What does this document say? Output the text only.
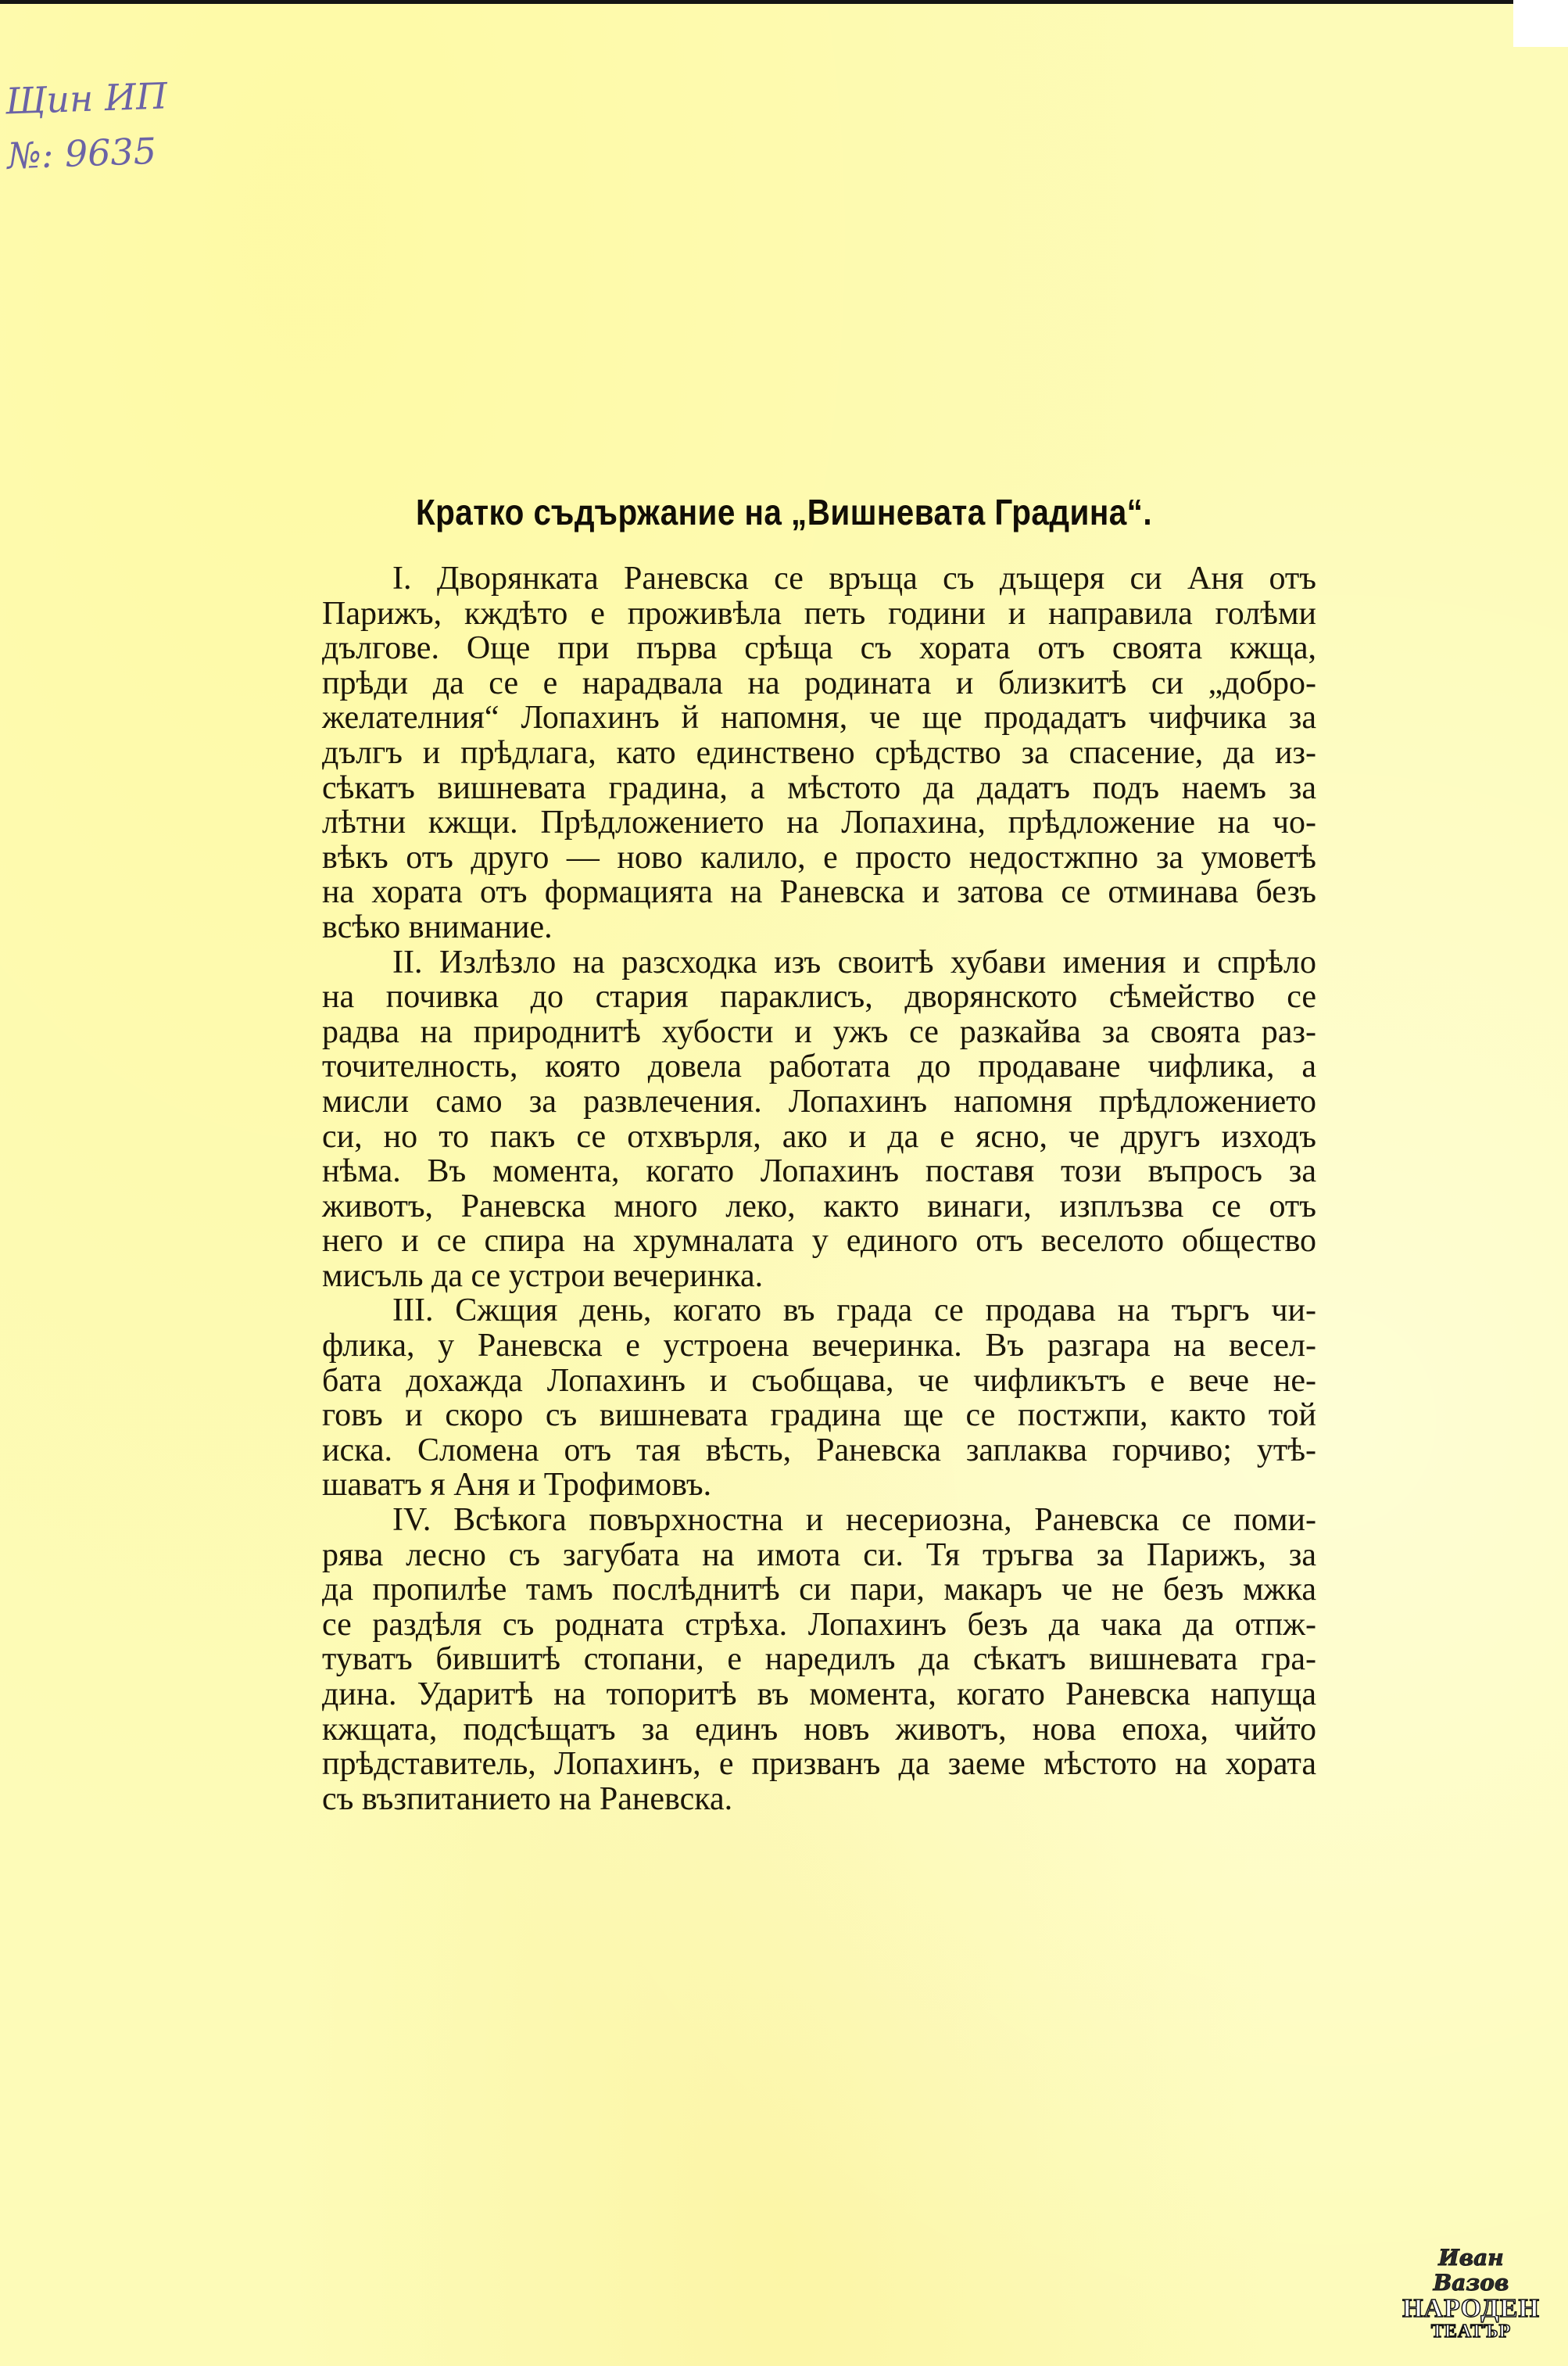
Щин ИП
№: 9635
Кратко съдържание на „Вишневата Градина“.
I. Дворянката Раневска се връща съ дъщеря си Аня отъ
Парижъ, кждѣто е проживѣла петь години и направила голѣми
дългове. Още при първа срѣща съ хората отъ своята кжща,
прѣди да се е нарадвала на родината и близкитѣ си „добро-
желателния“ Лопахинъ й напомня, че ще продадатъ чифчика за
дългъ и прѣдлага, като единствено срѣдство за спасение, да из-
сѣкатъ вишневата градина, а мѣстото да дадатъ подъ наемъ за
лѣтни кжщи. Прѣдложението на Лопахина, прѣдложение на чо-
вѣкъ отъ друго — ново калило, е просто недостжпно за умоветѣ
на хората отъ формацията на Раневска и затова се отминава безъ
всѣко внимание.
II. Излѣзло на разсходка изъ своитѣ хубави имения и спрѣло
на почивка до стария параклисъ, дворянското сѣмейство се
радва на природнитѣ хубости и ужъ се разкайва за своята раз-
точителность, която довела работата до продаване чифлика, а
мисли само за развлечения. Лопахинъ напомня прѣдложението
си, но то пакъ се отхвърля, ако и да е ясно, че другъ изходъ
нѣма. Въ момента, когато Лопахинъ поставя този въпросъ за
животъ, Раневска много леко, както винаги, изплъзва се отъ
него и се спира на хрумналата у единого отъ веселото общество
мисъль да се устрои вечеринка.
III. Сжщия день, когато въ града се продава на търгъ чи-
флика, у Раневска е устроена вечеринка. Въ разгара на весел-
бата дохажда Лопахинъ и съобщава, че чифликътъ е вече не-
говъ и скоро съ вишневата градина ще се постжпи, както той
иска. Сломена отъ тая вѣсть, Раневска заплаква горчиво; утѣ-
шаватъ я Аня и Трофимовъ.
IV. Всѣкога повърхностна и несериозна, Раневска се поми-
рява лесно съ загубата на имота си. Тя тръгва за Парижъ, за
да пропилѣе тамъ послѣднитѣ си пари, макаръ че не безъ мжка
се раздѣля съ родната стрѣха. Лопахинъ безъ да чака да отпж-
туватъ бившитѣ стопани, е наредилъ да сѣкатъ вишневата гра-
дина. Ударитѣ на топоритѣ въ момента, когато Раневска напуща
кжщата, подсѣщатъ за единъ новъ животъ, нова епоха, чийто
прѣдставитель, Лопахинъ, е призванъ да заеме мѣстото на хората
съ възпитанието на Раневска.
Иван Вазов
НАРОДЕН
ТЕАТЪР
